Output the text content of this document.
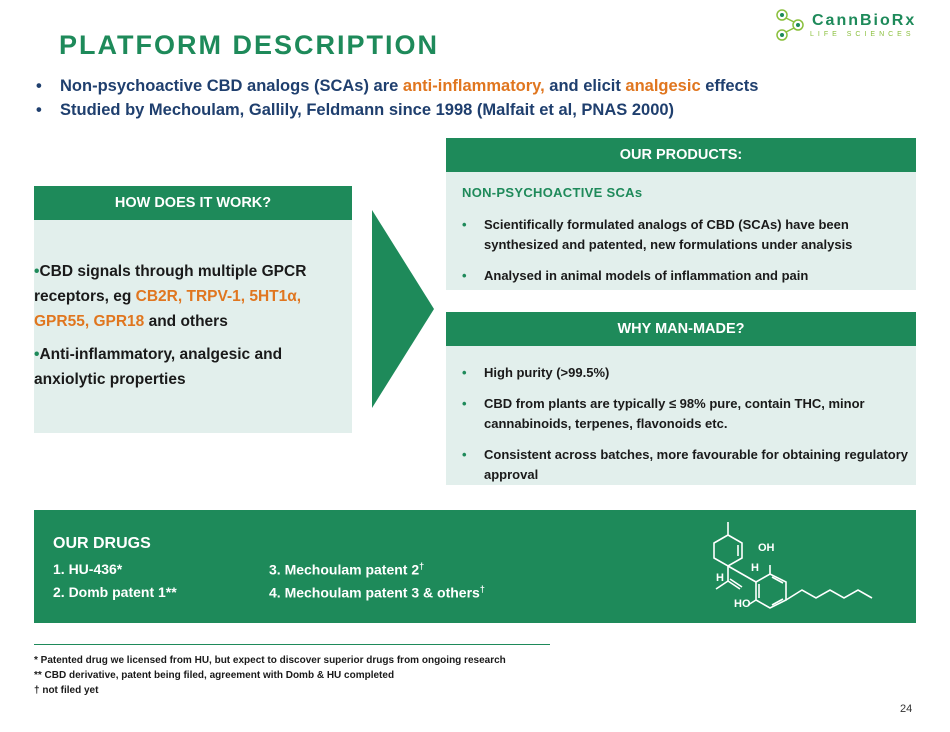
CannBioRx
LIFE SCIENCES
PLATFORM DESCRIPTION
• Non-psychoactive CBD analogs (SCAs) are anti-inflammatory, and elicit analgesic effects
• Studied by Mechoulam, Gallily, Feldmann since 1998 (Malfait et al, PNAS 2000)
HOW DOES IT WORK?

•CBD signals through multiple GPCR receptors, eg CB2R, TRPV-1, 5HT1α, GPR55, GPR18 and others

•Anti-inflammatory, analgesic and anxiolytic properties

OUR PRODUCTS:
NON-PSYCHOACTIVE SCAs
• Scientifically formulated analogs of CBD (SCAs) have been synthesized and patented, new formulations under analysis
• Analysed in animal models of inflammation and pain
WHY MAN-MADE?
• High purity (>99.5%)
• CBD from plants are typically ≤ 98% pure, contain THC, minor cannabinoids, terpenes, flavonoids etc.
• Consistent across batches, more favourable for obtaining regulatory approval
OUR DRUGS
1. HU-436*
2. Domb patent 1**
3. Mechoulam patent 2†
4. Mechoulam patent 3 & others†
H
H
OH
HO
* Patented drug we licensed from HU, but expect to discover superior drugs from ongoing research
** CBD derivative, patent being filed, agreement with Domb & HU completed
† not filed yet
24
